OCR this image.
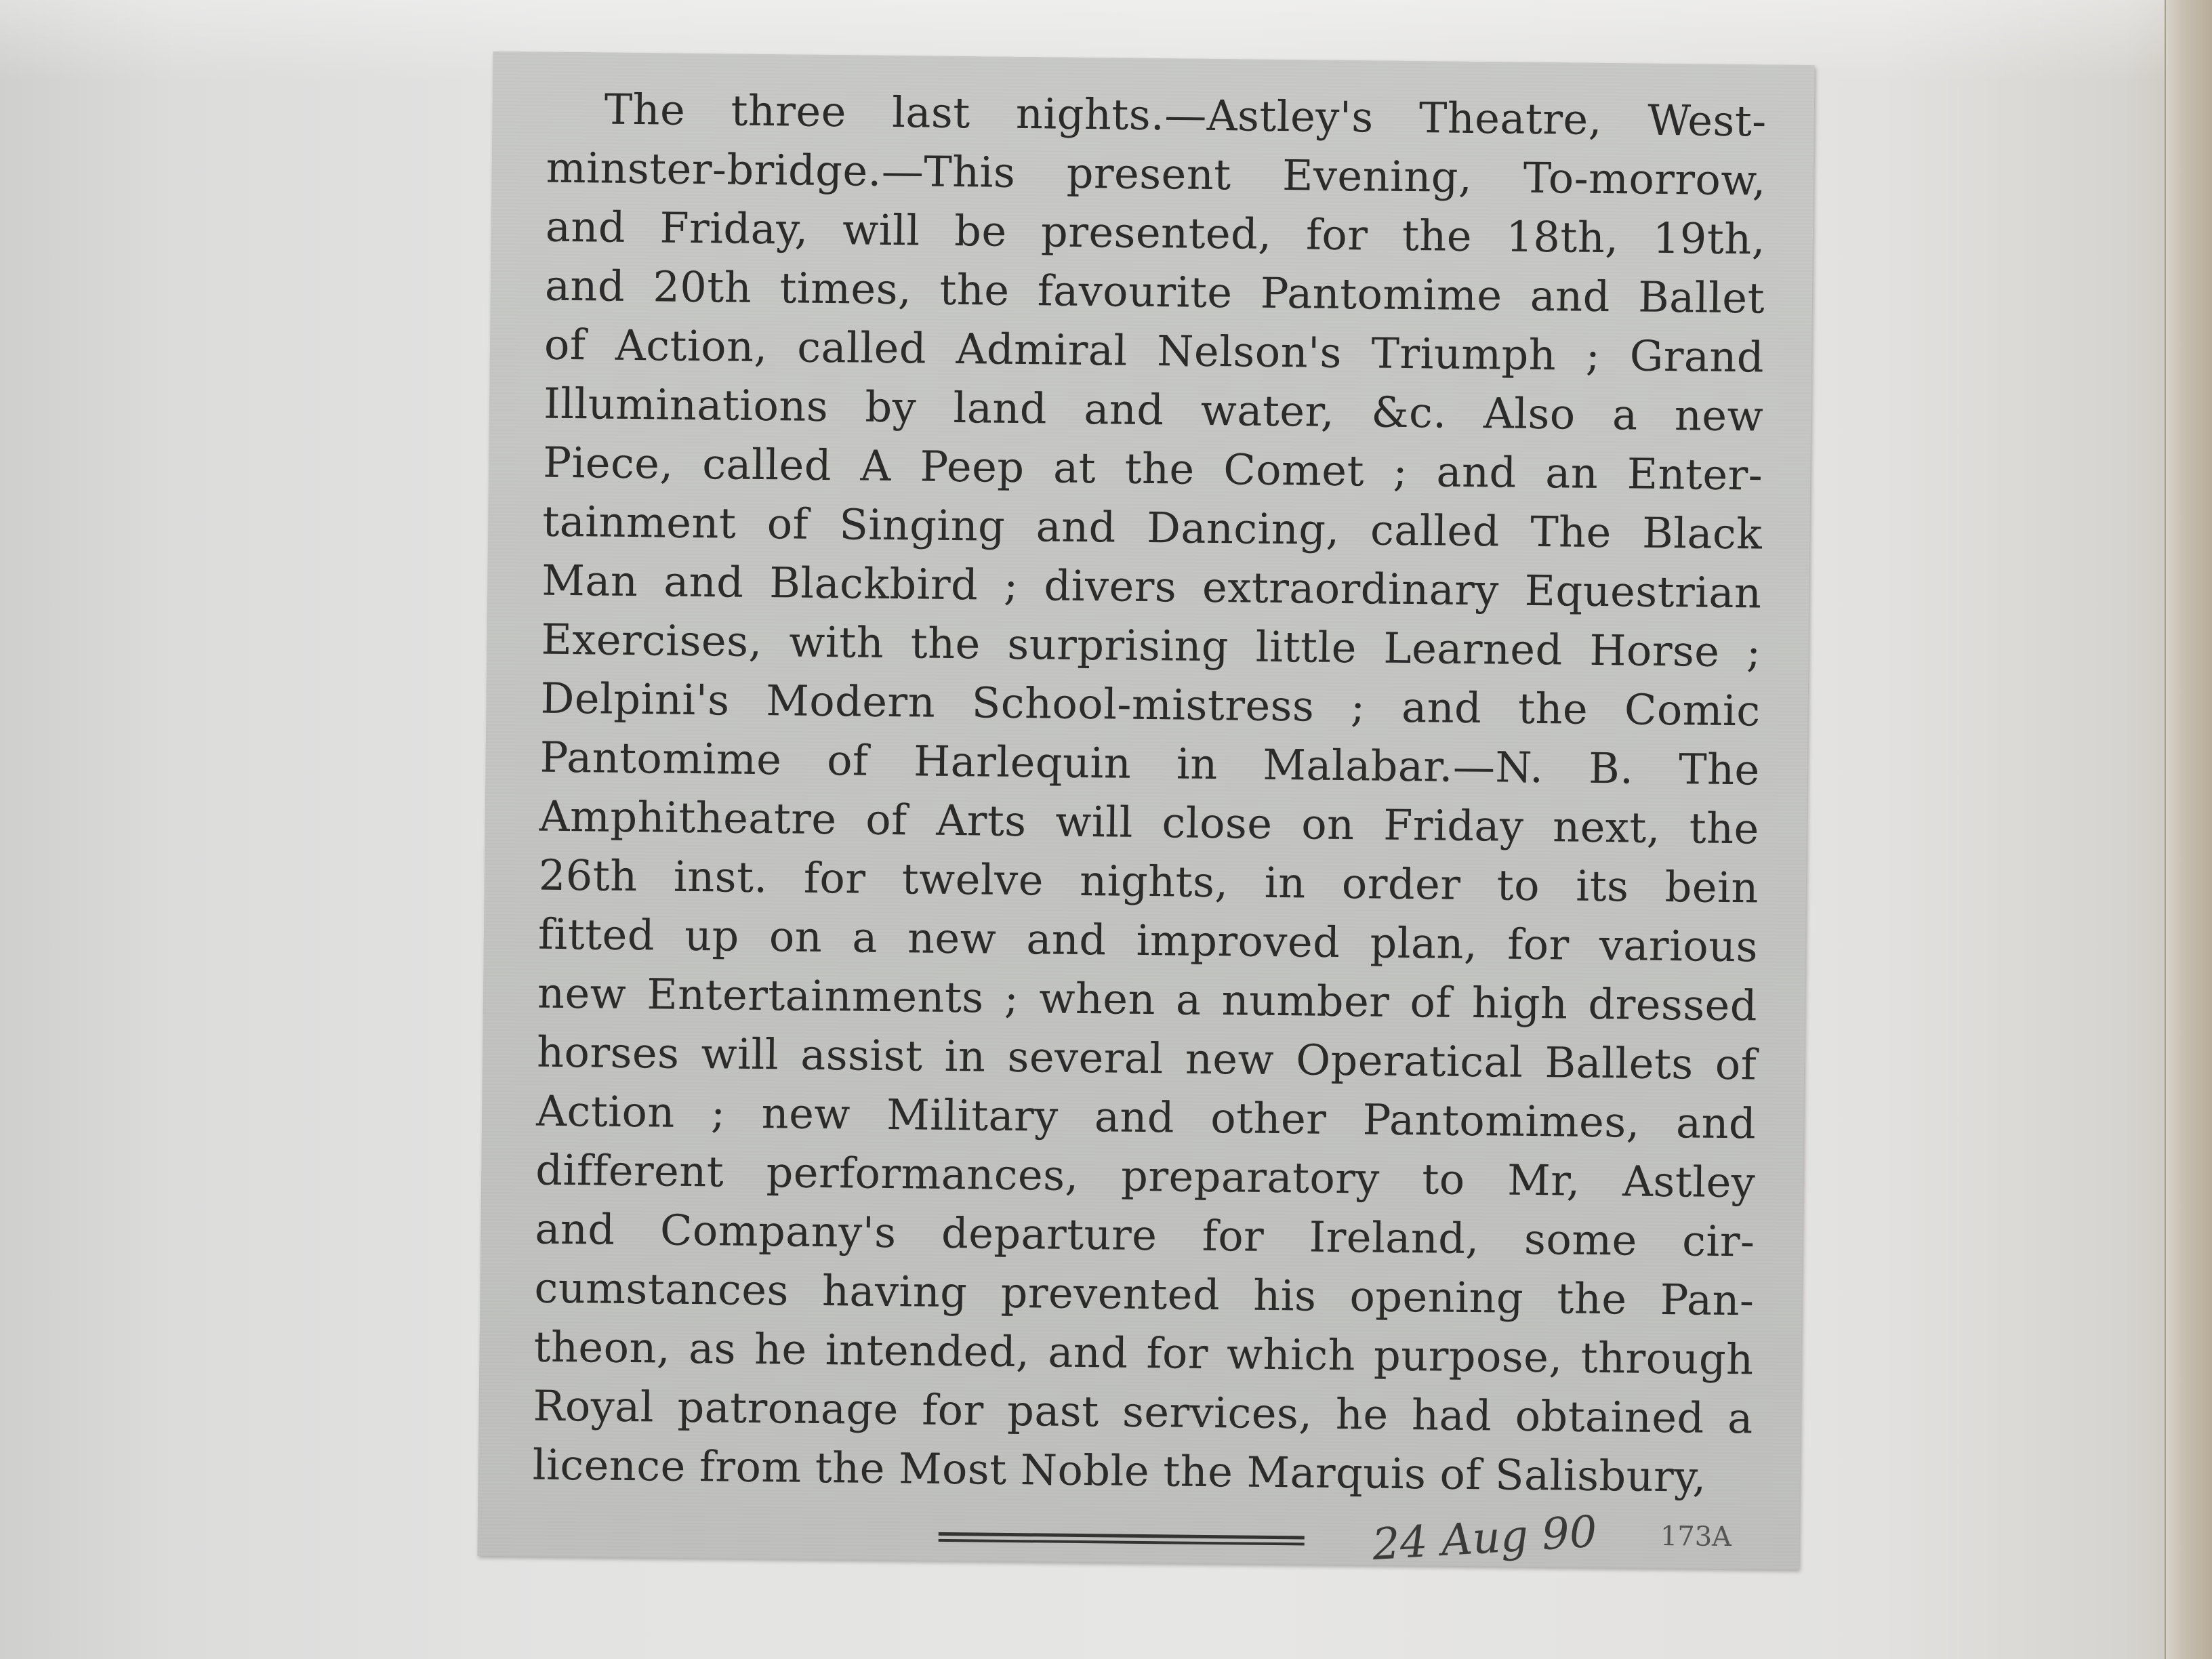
The three last nights.—Astley's Theatre, West-
minster-bridge.—This present Evening, To-morrow,
and Friday, will be presented, for the 18th, 19th,
and 20th times, the favourite Pantomime and Ballet
of Action, called Admiral Nelson's Triumph ; Grand
Illuminations by land and water, &c. Also a new
Piece, called A Peep at the Comet ; and an Enter-
tainment of Singing and Dancing, called The Black
Man and Blackbird ; divers extraordinary Equestrian
Exercises, with the surprising little Learned Horse ;
Delpini's Modern School-mistress ; and the Comic
Pantomime of Harlequin in Malabar.—N. B. The
Amphitheatre of Arts will close on Friday next, the
26th inst. for twelve nights, in order to its bein
fitted up on a new and improved plan, for various
new Entertainments ; when a number of high dressed
horses will assist in several new Operatical Ballets of
Action ; new Military and other Pantomimes, and
different performances, preparatory to Mr, Astley
and Company's departure for Ireland, some cir-
cumstances having prevented his opening the Pan-
theon, as he intended, and for which purpose, through
Royal patronage for past services, he had obtained a
licence from the Most Noble the Marquis of Salisbury,
24 Aug 90 173A
